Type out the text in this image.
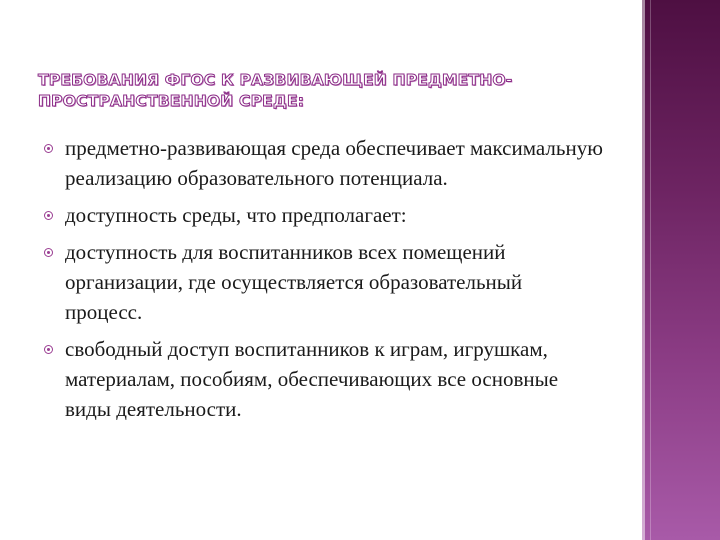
ТРЕБОВАНИЯ ФГОС К РАЗВИВАЮЩЕЙ ПРЕДМЕТНО-ПРОСТРАНСТВЕННОЙ СРЕДЕ:
предметно-развивающая среда обеспечивает максимальную реализацию образовательного потенциала.
доступность среды, что предполагает:
доступность для воспитанников всех помещений организации, где осуществляется образовательный процесс.
свободный доступ воспитанников к играм, игрушкам, материалам, пособиям, обеспечивающих все основные виды деятельности.
